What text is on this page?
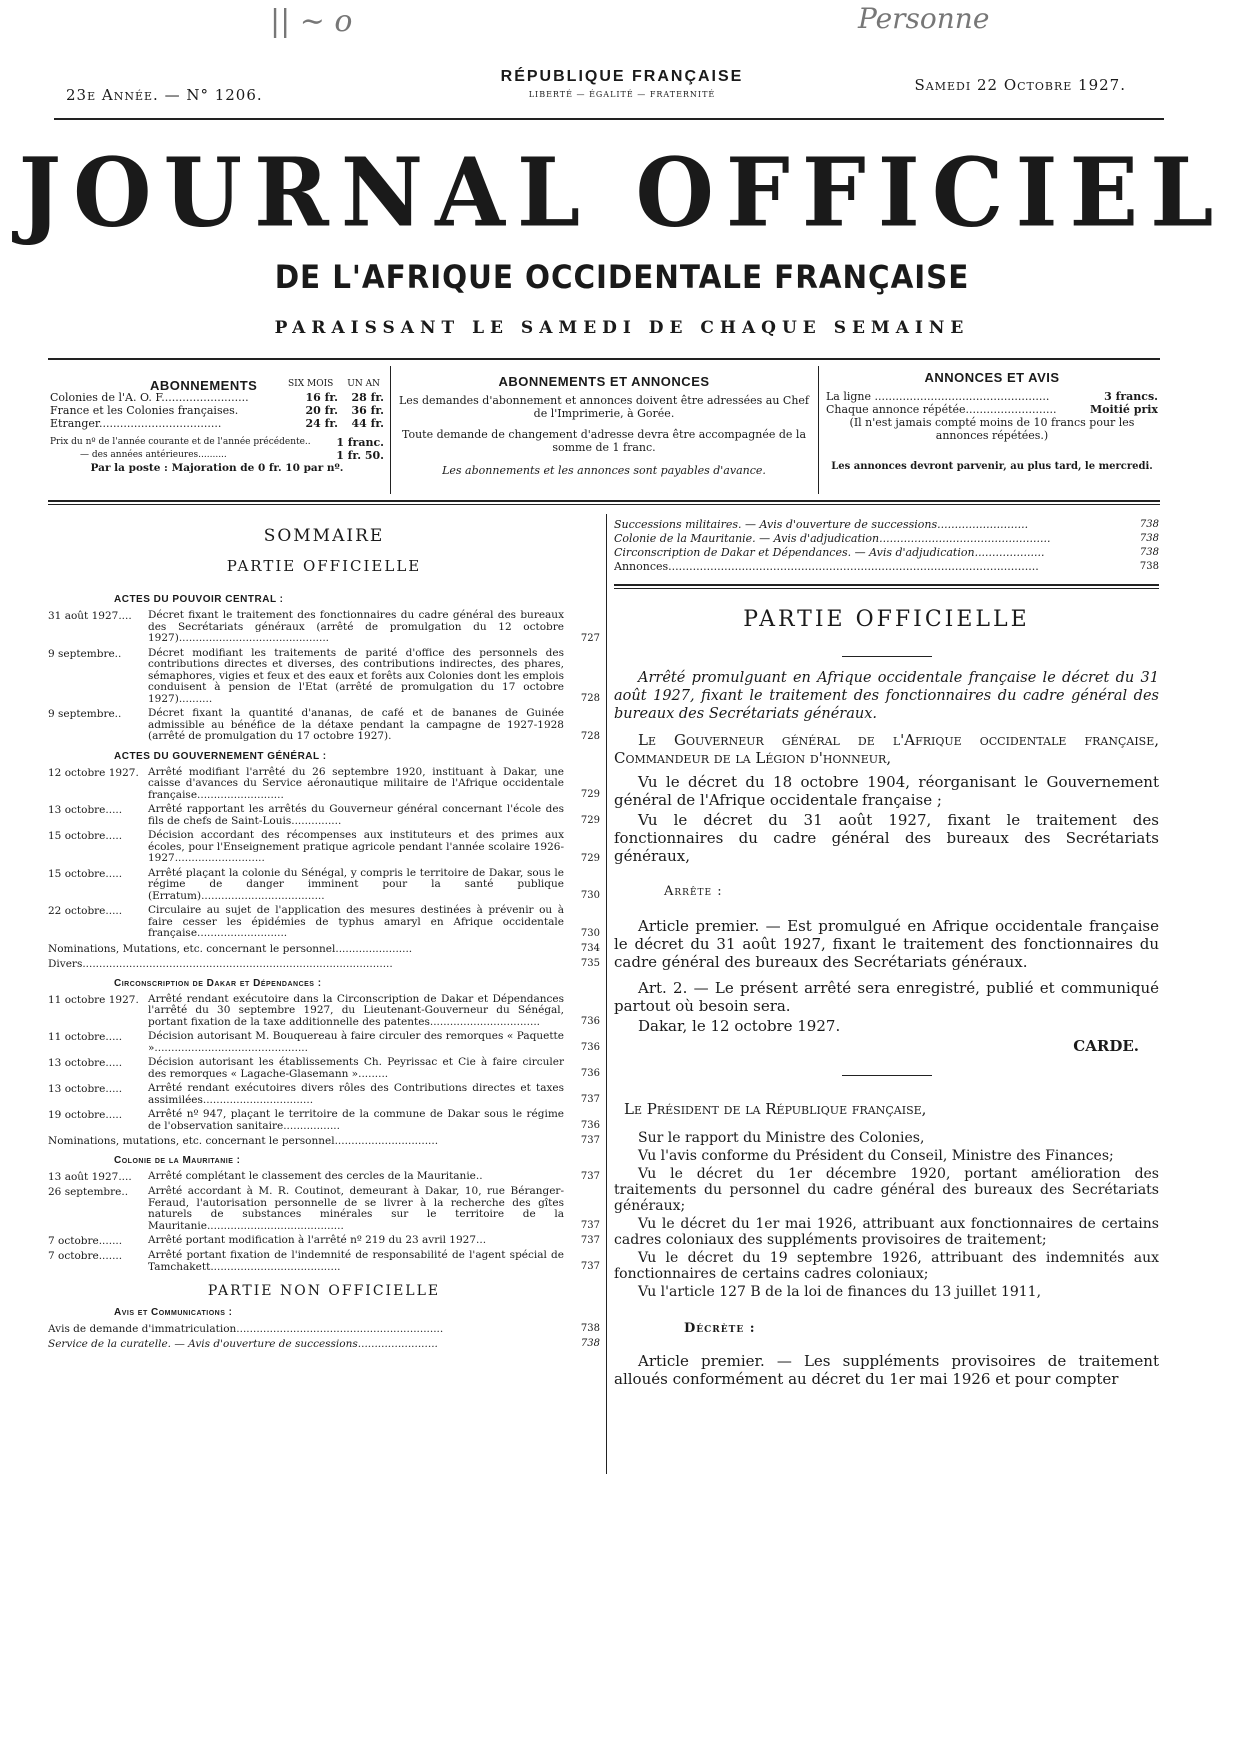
|| ∼ o	Personne
23e Année. — N° 1206.
RÉPUBLIQUE FRANÇAISE
LIBERTÉ — ÉGALITÉ — FRATERNITÉ
Samedi 22 Octobre 1927.
JOURNAL OFFICIEL
DE L'AFRIQUE OCCIDENTALE FRANÇAISE
PARAISSANT LE SAMEDI DE CHAQUE SEMAINE
ABONNEMENTS	SIX MOIS UN AN
Colonies de l'A. O. F.........................	16 fr.	28 fr.
France et les Colonies françaises.	20 fr.	36 fr.
Etranger...................................	24 fr.	44 fr.
Prix du nº de l'année courante et de l'année précédente..	1 franc.
— des années antérieures..........	1 fr. 50.
Par la poste : Majoration de 0 fr. 10 par nº.
ABONNEMENTS ET ANNONCES
Les demandes d'abonnement et annonces doivent être adressées au Chef de l'Imprimerie, à Gorée.
Toute demande de changement d'adresse devra être accompagnée de la somme de 1 franc.
Les abonnements et les annonces sont payables d'avance.
ANNONCES ET AVIS
La ligne ..................................................	3 francs.
Chaque annonce répétée..........................	Moitié prix
(Il n'est jamais compté moins de 10 francs pour les annonces répétées.)
Les annonces devront parvenir, au plus tard, le mercredi.
SOMMAIRE
PARTIE OFFICIELLE
ACTES DU POUVOIR CENTRAL :
31 août 1927....	Décret fixant le traitement des fonctionnaires du cadre général des bureaux des Secrétariats généraux (arrêté de promulgation du 12 octobre 1927).............................................	727
9 septembre..	Décret modifiant les traitements de parité d'office des personnels des contributions directes et diverses, des contributions indirectes, des phares, sémaphores, vigies et feux et des eaux et forêts aux Colonies dont les emplois conduisent à pension de l'Etat (arrêté de promulgation du 17 octobre 1927)..........	728
9 septembre..	Décret fixant la quantité d'ananas, de café et de bananes de Guinée admissible au bénéfice de la détaxe pendant la campagne de 1927-1928 (arrêté de promulgation du 17 octobre 1927).	728
ACTES DU GOUVERNEMENT GÉNÉRAL :
12 octobre 1927. Arrêté modifiant l'arrêté du 26 septembre 1920, instituant à Dakar, une caisse d'avances du Service aéronautique militaire de l'Afrique occidentale française..........................	729
13 octobre.....	Arrêté rapportant les arrêtés du Gouverneur général concernant l'école des fils de chefs de Saint-Louis...............	729
15 octobre.....	Décision accordant des récompenses aux instituteurs et des primes aux écoles, pour l'Enseignement pratique agricole pendant l'année scolaire 1926-1927...........................	729
15 octobre.....	Arrêté plaçant la colonie du Sénégal, y compris le territoire de Dakar, sous le régime de danger imminent pour la santé publique (Erratum).....................................	730
22 octobre.....	Circulaire au sujet de l'application des mesures destinées à prévenir ou à faire cesser les épidémies de typhus amaryl en Afrique occidentale française...........................	730
Nominations, Mutations, etc. concernant le personnel.......................	734
Divers.............................................................................................	735
Circonscription de Dakar et Dépendances :
11 octobre 1927. Arrêté rendant exécutoire dans la Circonscription de Dakar et Dépendances l'arrêté du 30 septembre 1927, du Lieutenant-Gouverneur du Sénégal, portant fixation de la taxe additionnelle des patentes.................................	736
11 octobre.....	Décision autorisant M. Bouquereau à faire circuler des remorques « Paquette »..............................................	736
13 octobre.....	Décision autorisant les établissements Ch. Peyrissac et Cie à faire circuler des remorques « Lagache-Glasemann ».........	736
13 octobre.....	Arrêté rendant exécutoires divers rôles des Contributions directes et taxes assimilées.................................	737
19 octobre.....	Arrêté nº 947, plaçant le territoire de la commune de Dakar sous le régime de l'observation sanitaire.................	736
Nominations, mutations, etc. concernant le personnel...............................	737
Colonie de la Mauritanie :
13 août 1927....	Arrêté complétant le classement des cercles de la Mauritanie..	737
26 septembre..	Arrêté accordant à M. R. Coutinot, demeurant à Dakar, 10, rue Béranger-Feraud, l'autorisation personnelle de se livrer à la recherche des gîtes naturels de substances minérales sur le territoire de la Mauritanie.........................................	737
7 octobre.......	Arrêté portant modification à l'arrêté nº 219 du 23 avril 1927...	737
7 octobre.......	Arrêté portant fixation de l'indemnité de responsabilité de l'agent spécial de Tamchakett.......................................	737
PARTIE NON OFFICIELLE
Avis et Communications :
Avis de demande d'immatriculation..............................................................	738
Service de la curatelle. — Avis d'ouverture de successions........................	738
Successions militaires. — Avis d'ouverture de successions..........................	738
Colonie de la Mauritanie. — Avis d'adjudication.................................................	738
Circonscription de Dakar et Dépendances. — Avis d'adjudication....................	738
Annonces..........................................................................................................	738
PARTIE OFFICIELLE

Arrêté promulguant en Afrique occidentale française le décret du 31 août 1927, fixant le traitement des fonctionnaires du cadre général des bureaux des Secrétariats généraux.

Le Gouverneur général de l'Afrique occidentale française, Commandeur de la Légion d'honneur,

Vu le décret du 18 octobre 1904, réorganisant le Gouvernement général de l'Afrique occidentale française ;

Vu le décret du 31 août 1927, fixant le traitement des fonctionnaires du cadre général des bureaux des Secrétariats généraux,

Arrête :

Article premier. — Est promulgué en Afrique occidentale française le décret du 31 août 1927, fixant le traitement des fonctionnaires du cadre général des bureaux des Secrétariats généraux.

Art. 2. — Le présent arrêté sera enregistré, publié et communiqué partout où besoin sera.

Dakar, le 12 octobre 1927.

CARDE.

Le Président de la République française,

Sur le rapport du Ministre des Colonies,

Vu l'avis conforme du Président du Conseil, Ministre des Finances;

Vu le décret du 1er décembre 1920, portant amélioration des traitements du personnel du cadre général des bureaux des Secrétariats généraux;

Vu le décret du 1er mai 1926, attribuant aux fonctionnaires de certains cadres coloniaux des suppléments provisoires de traitement;

Vu le décret du 19 septembre 1926, attribuant des indemnités aux fonctionnaires de certains cadres coloniaux;

Vu l'article 127 B de la loi de finances du 13 juillet 1911,

Décrète :

Article premier. — Les suppléments provisoires de traitement alloués conformément au décret du 1er mai 1926 et pour compter
